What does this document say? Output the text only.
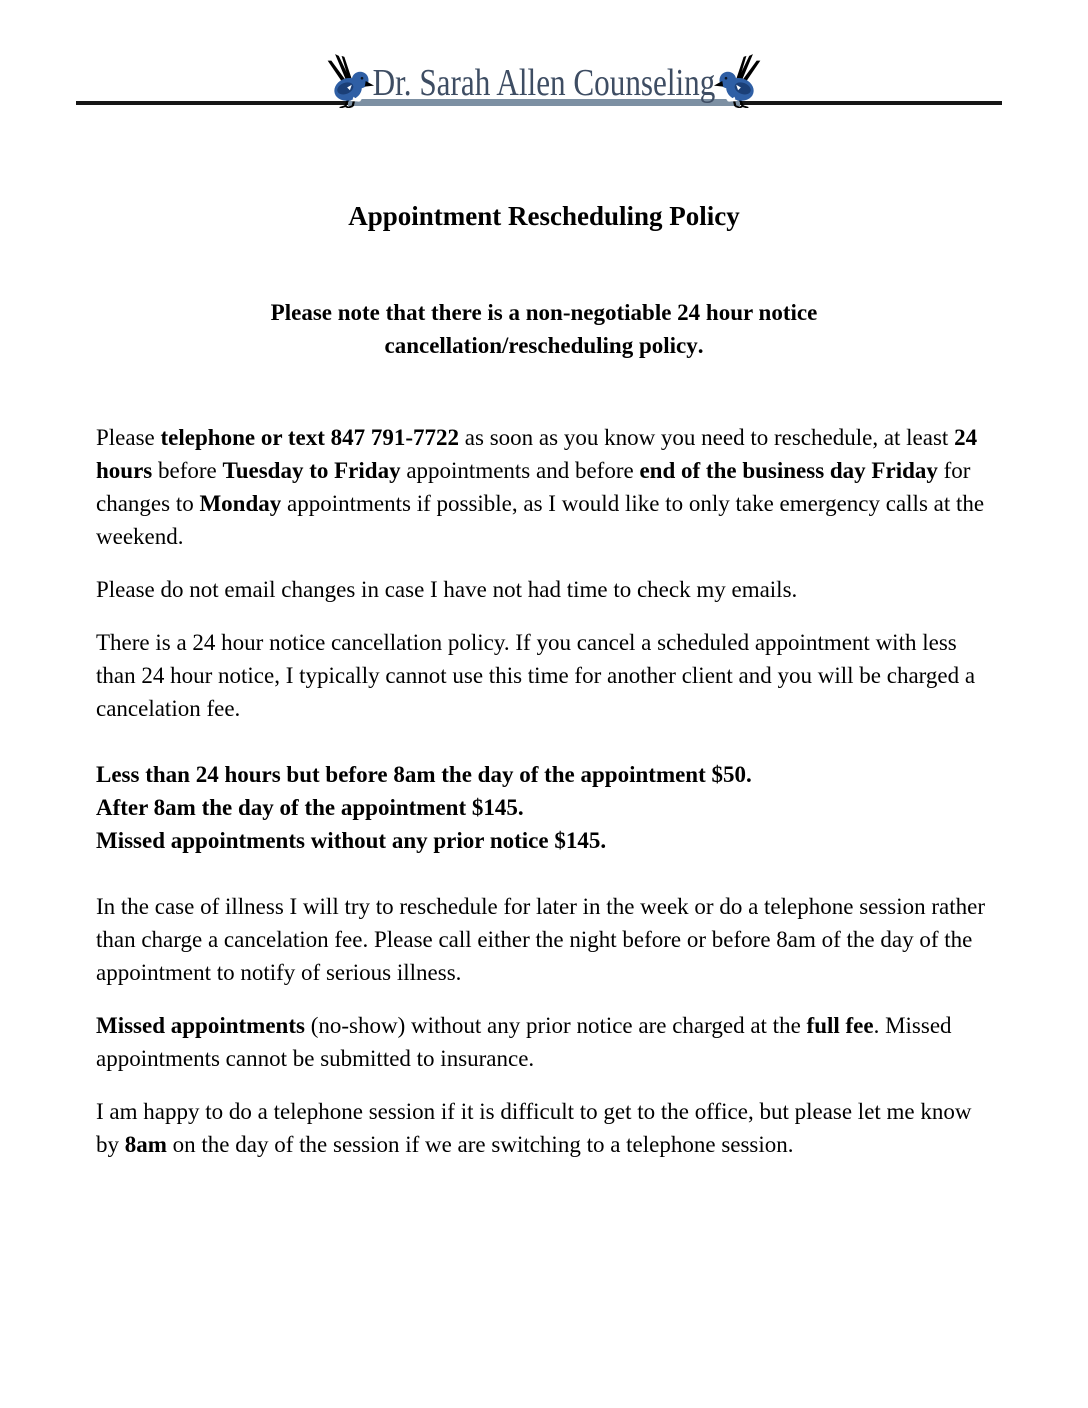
Dr. Sarah Allen Counseling
Appointment Rescheduling Policy
Please note that there is a non-negotiable 24 hour notice cancellation/rescheduling policy.

Please telephone or text 847 791-7722 as soon as you know you need to reschedule, at least 24 hours before Tuesday to Friday appointments and before end of the business day Friday for changes to Monday appointments if possible, as I would like to only take emergency calls at the weekend.

Please do not email changes in case I have not had time to check my emails.

There is a 24 hour notice cancellation policy. If you cancel a scheduled appointment with less than 24 hour notice, I typically cannot use this time for another client and you will be charged a cancelation fee.

Less than 24 hours but before 8am the day of the appointment $50.
After 8am the day of the appointment $145.
Missed appointments without any prior notice $145.

In the case of illness I will try to reschedule for later in the week or do a telephone session rather than charge a cancelation fee. Please call either the night before or before 8am of the day of the appointment to notify of serious illness.

Missed appointments (no-show) without any prior notice are charged at the full fee. Missed appointments cannot be submitted to insurance.

I am happy to do a telephone session if it is difficult to get to the office, but please let me know by 8am on the day of the session if we are switching to a telephone session.
